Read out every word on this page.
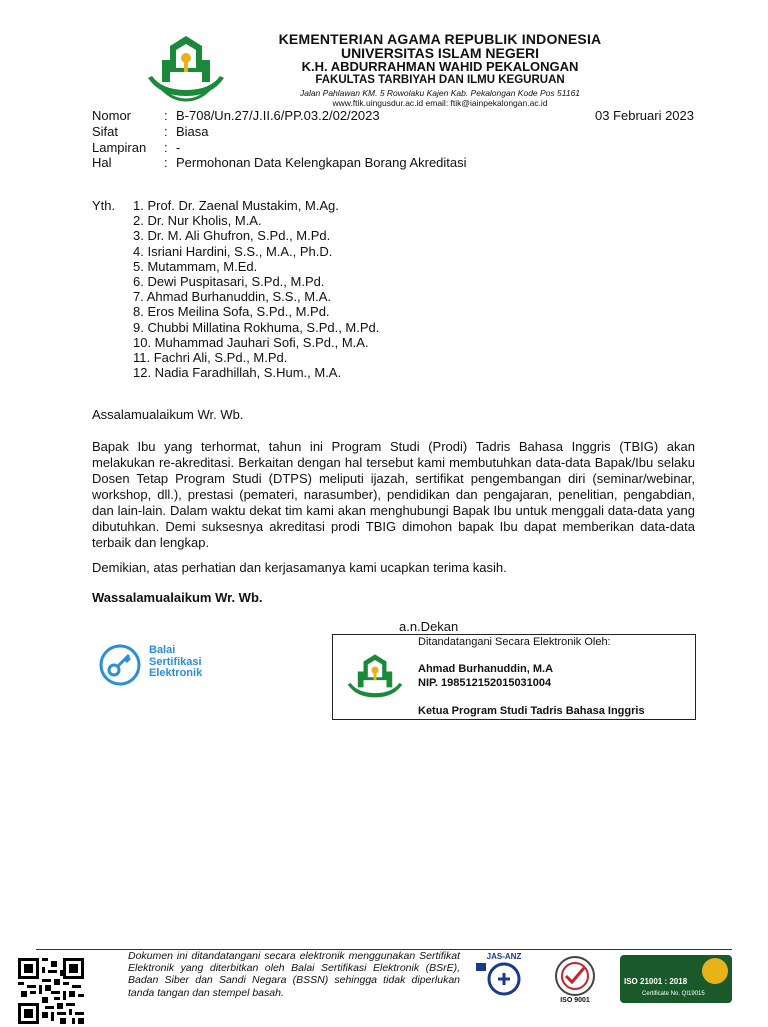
KEMENTERIAN AGAMA REPUBLIK INDONESIA
UNIVERSITAS ISLAM NEGERI
K.H. ABDURRAHMAN WAHID PEKALONGAN
FAKULTAS TARBIYAH DAN ILMU KEGURUAN
Jalan Pahlawan KM. 5 Rowolaku Kajen Kab. Pekalongan Kode Pos 51161
www.ftik.uingusdur.ac.id email: ftik@iainpekalongan.ac.id
Nomor	: B-708/Un.27/J.II.6/PP.03.2/02/2023	03 Februari 2023
Sifat	: Biasa
Lampiran : -
Hal	: Permohonan Data Kelengkapan Borang Akreditasi
Yth. 1. Prof. Dr. Zaenal Mustakim, M.Ag.
2. Dr. Nur Kholis, M.A.
3. Dr. M. Ali Ghufron, S.Pd., M.Pd.
4. Isriani Hardini, S.S., M.A., Ph.D.
5. Mutammam, M.Ed.
6. Dewi Puspitasari, S.Pd., M.Pd.
7. Ahmad Burhanuddin, S.S., M.A.
8. Eros Meilina Sofa, S.Pd., M.Pd.
9. Chubbi Millatina Rokhuma, S.Pd., M.Pd.
10. Muhammad Jauhari Sofi, S.Pd., M.A.
11. Fachri Ali, S.Pd., M.Pd.
12. Nadia Faradhillah, S.Hum., M.A.
Assalamualaikum Wr. Wb.
Bapak Ibu yang terhormat, tahun ini Program Studi (Prodi) Tadris Bahasa Inggris (TBIG) akan melakukan re-akreditasi. Berkaitan dengan hal tersebut kami membutuhkan data-data Bapak/Ibu selaku Dosen Tetap Program Studi (DTPS) meliputi ijazah, sertifikat pengembangan diri (seminar/webinar, workshop, dll.), prestasi (pemateri, narasumber), pendidikan dan pengajaran, penelitian, pengabdian, dan lain-lain. Dalam waktu dekat tim kami akan menghubungi Bapak Ibu untuk menggali data-data yang dibutuhkan. Demi suksesnya akreditasi prodi TBIG dimohon bapak Ibu dapat memberikan data-data terbaik dan lengkap.
Demikian, atas perhatian dan kerjasamanya kami ucapkan terima kasih.
Wassalamualaikum Wr. Wb.
a.n.Dekan
Balai
Sertifikasi
Elektronik
Ditandatangani Secara Elektronik Oleh:
Ahmad Burhanuddin, M.A
NIP. 198512152015031004
Ketua Program Studi Tadris Bahasa Inggris
Dokumen ini ditandatangani secara elektronik menggunakan Sertifikat Elektronik yang diterbitkan oleh Balai Sertifikasi Elektronik (BSrE), Badan Siber dan Sandi Negara (BSSN) sehingga tidak diperlukan tanda tangan dan stempel basah.
JAS-ANZ
ISO 9001
ISO 21001 : 2018
Certificate No. QI19015
